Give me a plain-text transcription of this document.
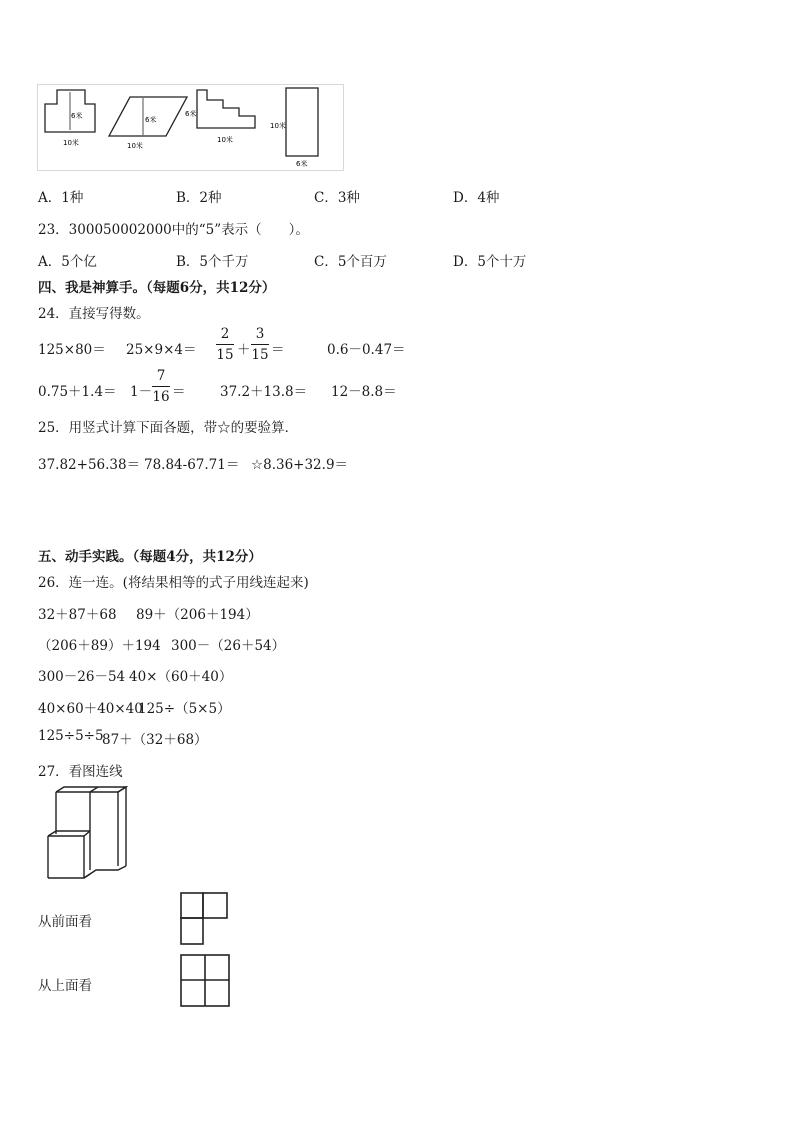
6米
10米
6米
10米
6米
10米
10米
6米
A．1种	B．2种	C．3种	D．4种
23．300050002000中的“5”表示（　　）。
A．5个亿	B．5个千万	C．5个百万	D．5个十万
四、我是神算手。（每题6分，共12分）
24．直接写得数。
125×80＝ 25×9×4＝
2
15 ＋
3
15 ＝	0.6－0.47＝
0.75＋1.4＝ 1－
7
16 ＝	37.2＋13.8＝ 12－8.8＝
25．用竖式计算下面各题，带☆的要验算．
37.82+56.38＝ 78.84-67.71＝ ☆8.36+32.9＝
五、动手实践。（每题4分，共12分）
26．连一连。(将结果相等的式子用线连起来)
32＋87＋68 89＋（206＋194）
（206＋89）＋194 300－（26＋54）
300－26－54 40×（60＋40）
40×60＋40×40
125÷（5×5）
125÷5÷5
87＋（32＋68）
27．看图连线
从前面看
从上面看
